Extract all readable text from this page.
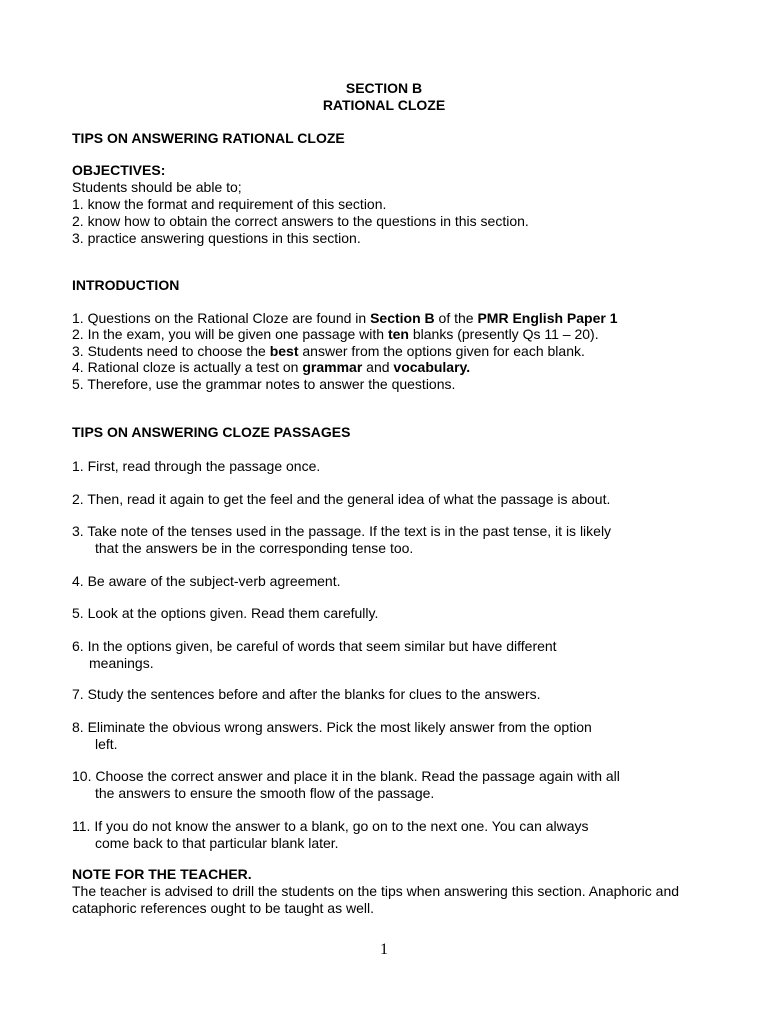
SECTION B
RATIONAL CLOZE
TIPS ON ANSWERING RATIONAL CLOZE
OBJECTIVES:
Students should be able to;
1. know the format and requirement of this section.
2. know how to obtain the correct answers to the questions in this section.
3. practice answering questions in this section.
INTRODUCTION
1. Questions on the Rational Cloze are found in Section B of the PMR English Paper 1
2. In the exam, you will be given one passage with ten blanks (presently Qs 11 – 20).
3. Students need to choose the best answer from the options given for each blank.
4. Rational cloze is actually a test on grammar and vocabulary.
5. Therefore, use the grammar notes to answer the questions.
TIPS ON ANSWERING CLOZE PASSAGES
1. First, read through the passage once.
2. Then, read it again to get the feel and the general idea of what the passage is about.
3. Take note of the tenses used in the passage. If the text is in the past tense, it is likely
that the answers be in the corresponding tense too.
4. Be aware of the subject-verb agreement.
5. Look at the options given. Read them carefully.
6. In the options given, be careful of words that seem similar but have different
meanings.
7. Study the sentences before and after the blanks for clues to the answers.
8. Eliminate the obvious wrong answers. Pick the most likely answer from the option
left.
10. Choose the correct answer and place it in the blank. Read the passage again with all
the answers to ensure the smooth flow of the passage.
11. If you do not know the answer to a blank, go on to the next one. You can always
come back to that particular blank later.
NOTE FOR THE TEACHER.
The teacher is advised to drill the students on the tips when answering this section. Anaphoric and
cataphoric references ought to be taught as well.
1
